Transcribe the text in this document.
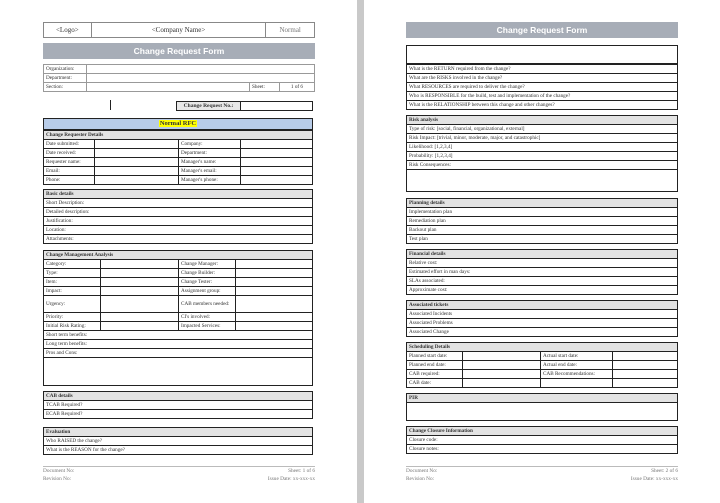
<Logo>	<Company Name>	Normal
Change Request Form
Organization:			
Department:			
Section:		Sheet:	1 of 6
Change Request No.:
Normal RFC
Change Requester Details			
Date submitted:		Company:	
Date received:		Department:	
Requester name:		Manager's name:	
Email:		Manager's email:	
Phone:		Manager's phone:	
Basic details
Short Description:
Detailed description:
Justification:
Location:
Attachments:
Change Management Analysis			
Category:		Change Manager:	
Type:		Change Builder:	
Item:		Change Tester:	
Impact:		Assignment group:	
Urgency:		CAB members needed:	
Priority:		CI's involved:	
Initial Risk Rating:		Impacted Services:	
Short term benefits:			
Long term benefits:			
Pros and Cons:			
CAB details
TCAB Required?
ECAB Required?
Evaluation
Who RAISED the change?
What is the REASON for the change?
Document No:
Revision No:
Sheet: 1 of 6
Issue Date: xx-xxx-xx
Change Request Form
What is the RETURN required from the change?
What are the RISKS involved in the change?
What RESOURCES are required to deliver the change?
Who is RESPONSIBLE for the build, test and implementation of the change?
What is the RELATIONSHIP between this change and other changes?
Risk analysis
Type of risk: [social, financial, organizational, external]
Risk Impact: [trivial, minor, moderate, major, and catastrophic]
Likelihood: [1,2,3,4]
Probability: [1,2,3,4]
Risk Consequences:
Planning details
Implementation plan
Remediation plan
Backout plan
Test plan
Financial details
Relative cost:
Estimated effort in man days:
SLAs associated:
Approximate cost:
Associated tickets
Associated Incidents
Associated Problems
Associated Change
Scheduling Details			
Planned start date:		Actual start date:	
Planned end date:		Actual end date:	
CAB required:		CAB Recommendations:	
CAB date:			
PIR
Change Closure Information
Closure code:
Closure notes:
Document No:
Revision No:
Sheet: 2 of 6
Issue Date: xx-xxx-xx
